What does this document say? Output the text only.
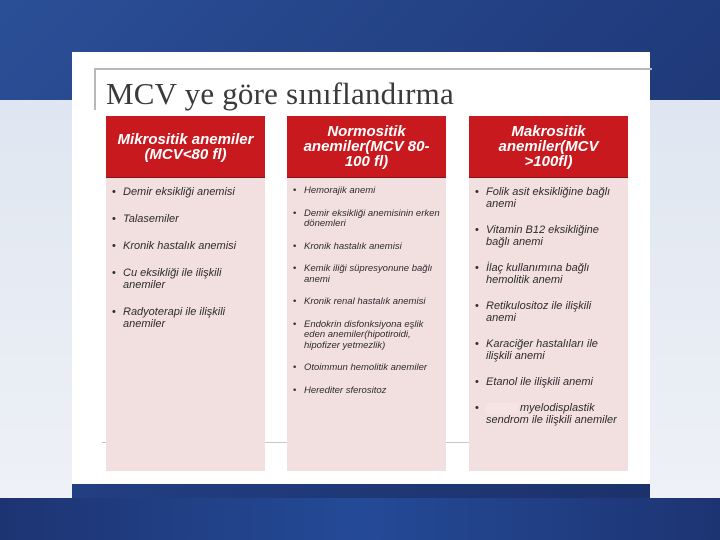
MCV ye göre sınıflandırma
Mikrositik anemiler (MCV<80 fl)
• Demir eksikliği anemisi
• Talasemiler
• Kronik hastalık anemisi
• Cu eksikliği ile ilişkili anemiler
• Radyoterapi ile ilişkili anemiler
Normositik anemiler(MCV 80-100 fl)
• Hemorajik anemi
• Demir eksikliği anemisinin erken dönemleri
• Kronik hastalık anemisi
• Kemik iliği süpresyonune bağlı anemi
• Kronik renal hastalık anemisi
• Endokrin disfonksiyona eşlik eden anemiler(hipotiroidi, hipofizer yetmezlik)
• Otoimmun hemolitik anemiler
• Herediter sferositoz
Makrositik anemiler(MCV >100fl)
• Folik asit eksikliğine bağlı anemi
• Vitamin B12 eksikliğine bağlı anemi
• İlaç kullanımına bağlı hemolitik anemi
• Retikulositoz ile ilişkili anemi
• Karaciğer hastalıları ile ilişkili anemi
• Etanol ile ilişkili anemi
• myelodisplastik sendrom ile ilişkili anemiler
